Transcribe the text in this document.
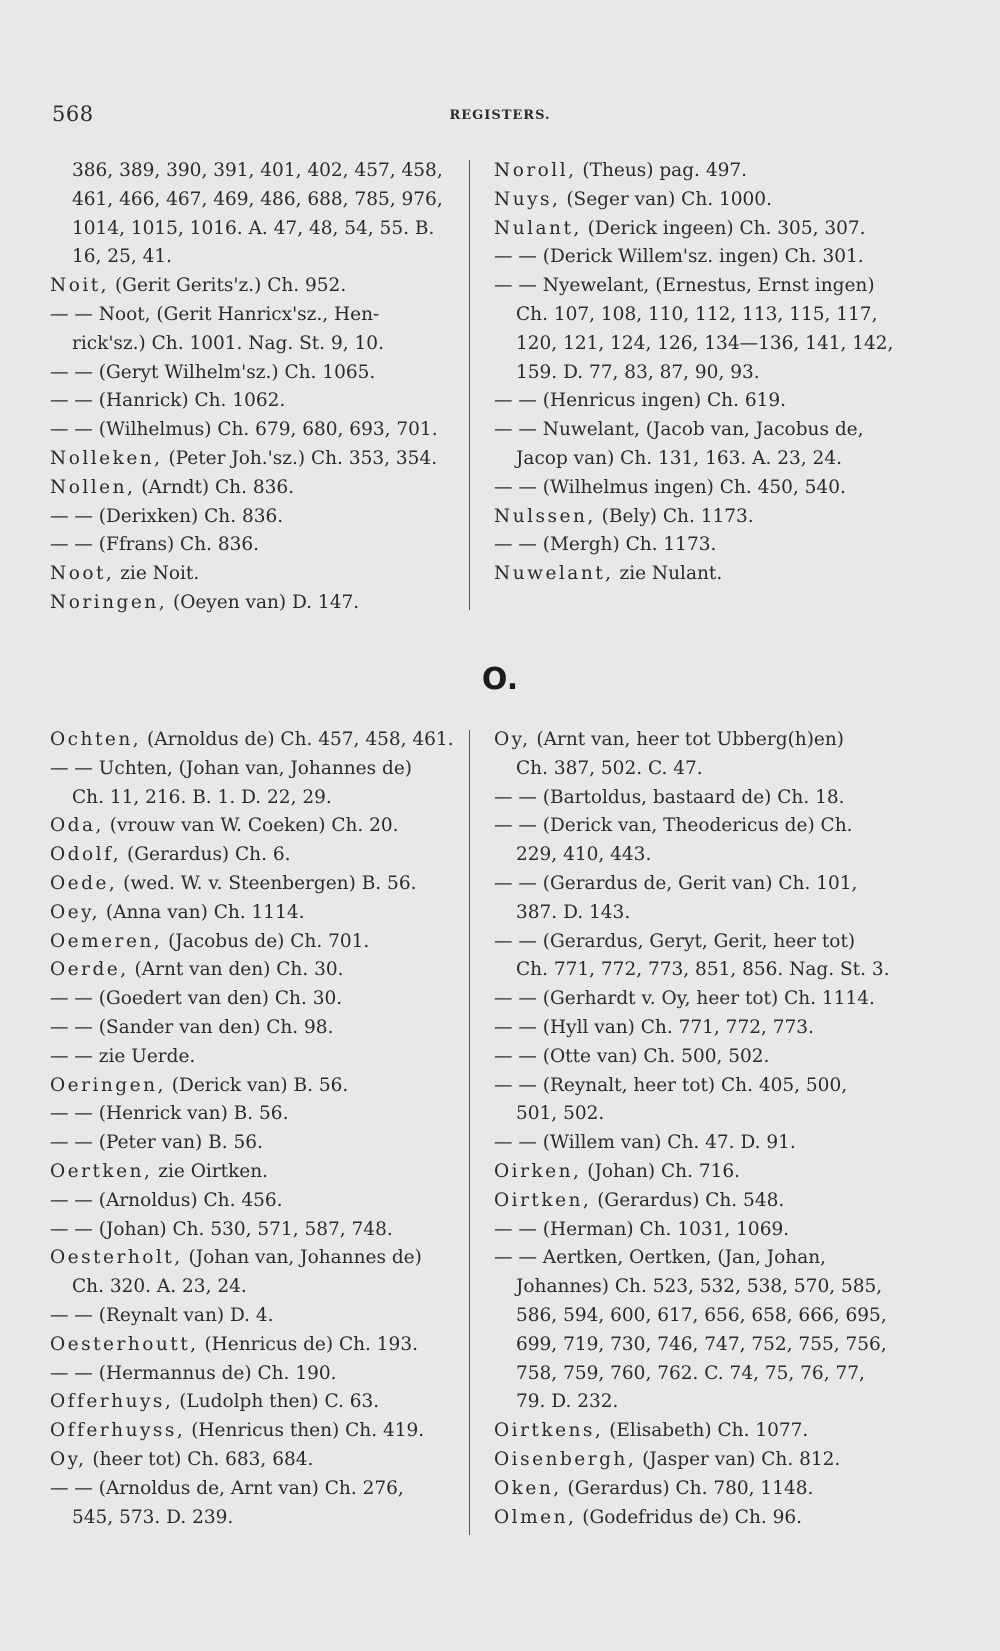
568	REGISTERS.
386, 389, 390, 391, 401, 402, 457, 458,
461, 466, 467, 469, 486, 688, 785, 976,
1014, 1015, 1016. A. 47, 48, 54, 55. B.
16, 25, 41.
Noit, (Gerit Gerits'z.) Ch. 952.
— — Noot, (Gerit Hanricx'sz., Hen-
rick'sz.) Ch. 1001. Nag. St. 9, 10.
— — (Geryt Wilhelm'sz.) Ch. 1065.
— — (Hanrick) Ch. 1062.
— — (Wilhelmus) Ch. 679, 680, 693, 701.
Nolleken, (Peter Joh.'sz.) Ch. 353, 354.
Nollen, (Arndt) Ch. 836.
— — (Derixken) Ch. 836.
— — (Ffrans) Ch. 836.
Noot, zie Noit.
Noringen, (Oeyen van) D. 147.
Noroll, (Theus) pag. 497.
Nuys, (Seger van) Ch. 1000.
Nulant, (Derick ingeen) Ch. 305, 307.
— — (Derick Willem'sz. ingen) Ch. 301.
— — Nyewelant, (Ernestus, Ernst ingen)
Ch. 107, 108, 110, 112, 113, 115, 117,
120, 121, 124, 126, 134—136, 141, 142,
159. D. 77, 83, 87, 90, 93.
— — (Henricus ingen) Ch. 619.
— — Nuwelant, (Jacob van, Jacobus de,
Jacop van) Ch. 131, 163. A. 23, 24.
— — (Wilhelmus ingen) Ch. 450, 540.
Nulssen, (Bely) Ch. 1173.
— — (Mergh) Ch. 1173.
Nuwelant, zie Nulant.
O.
Ochten, (Arnoldus de) Ch. 457, 458, 461.
— — Uchten, (Johan van, Johannes de)
Ch. 11, 216. B. 1. D. 22, 29.
Oda, (vrouw van W. Coeken) Ch. 20.
Odolf, (Gerardus) Ch. 6.
Oede, (wed. W. v. Steenbergen) B. 56.
Oey, (Anna van) Ch. 1114.
Oemeren, (Jacobus de) Ch. 701.
Oerde, (Arnt van den) Ch. 30.
— — (Goedert van den) Ch. 30.
— — (Sander van den) Ch. 98.
— — zie Uerde.
Oeringen, (Derick van) B. 56.
— — (Henrick van) B. 56.
— — (Peter van) B. 56.
Oertken, zie Oirtken.
— — (Arnoldus) Ch. 456.
— — (Johan) Ch. 530, 571, 587, 748.
Oesterholt, (Johan van, Johannes de)
Ch. 320. A. 23, 24.
— — (Reynalt van) D. 4.
Oesterhoutt, (Henricus de) Ch. 193.
— — (Hermannus de) Ch. 190.
Offerhuys, (Ludolph then) C. 63.
Offerhuyss, (Henricus then) Ch. 419.
Oy, (heer tot) Ch. 683, 684.
— — (Arnoldus de, Arnt van) Ch. 276,
545, 573. D. 239.
Oy, (Arnt van, heer tot Ubberg(h)en)
Ch. 387, 502. C. 47.
— — (Bartoldus, bastaard de) Ch. 18.
— — (Derick van, Theodericus de) Ch.
229, 410, 443.
— — (Gerardus de, Gerit van) Ch. 101,
387. D. 143.
— — (Gerardus, Geryt, Gerit, heer tot)
Ch. 771, 772, 773, 851, 856. Nag. St. 3.
— — (Gerhardt v. Oy, heer tot) Ch. 1114.
— — (Hyll van) Ch. 771, 772, 773.
— — (Otte van) Ch. 500, 502.
— — (Reynalt, heer tot) Ch. 405, 500,
501, 502.
— — (Willem van) Ch. 47. D. 91.
Oirken, (Johan) Ch. 716.
Oirtken, (Gerardus) Ch. 548.
— — (Herman) Ch. 1031, 1069.
— — Aertken, Oertken, (Jan, Johan,
Johannes) Ch. 523, 532, 538, 570, 585,
586, 594, 600, 617, 656, 658, 666, 695,
699, 719, 730, 746, 747, 752, 755, 756,
758, 759, 760, 762. C. 74, 75, 76, 77,
79. D. 232.
Oirtkens, (Elisabeth) Ch. 1077.
Oisenbergh, (Jasper van) Ch. 812.
Oken, (Gerardus) Ch. 780, 1148.
Olmen, (Godefridus de) Ch. 96.
